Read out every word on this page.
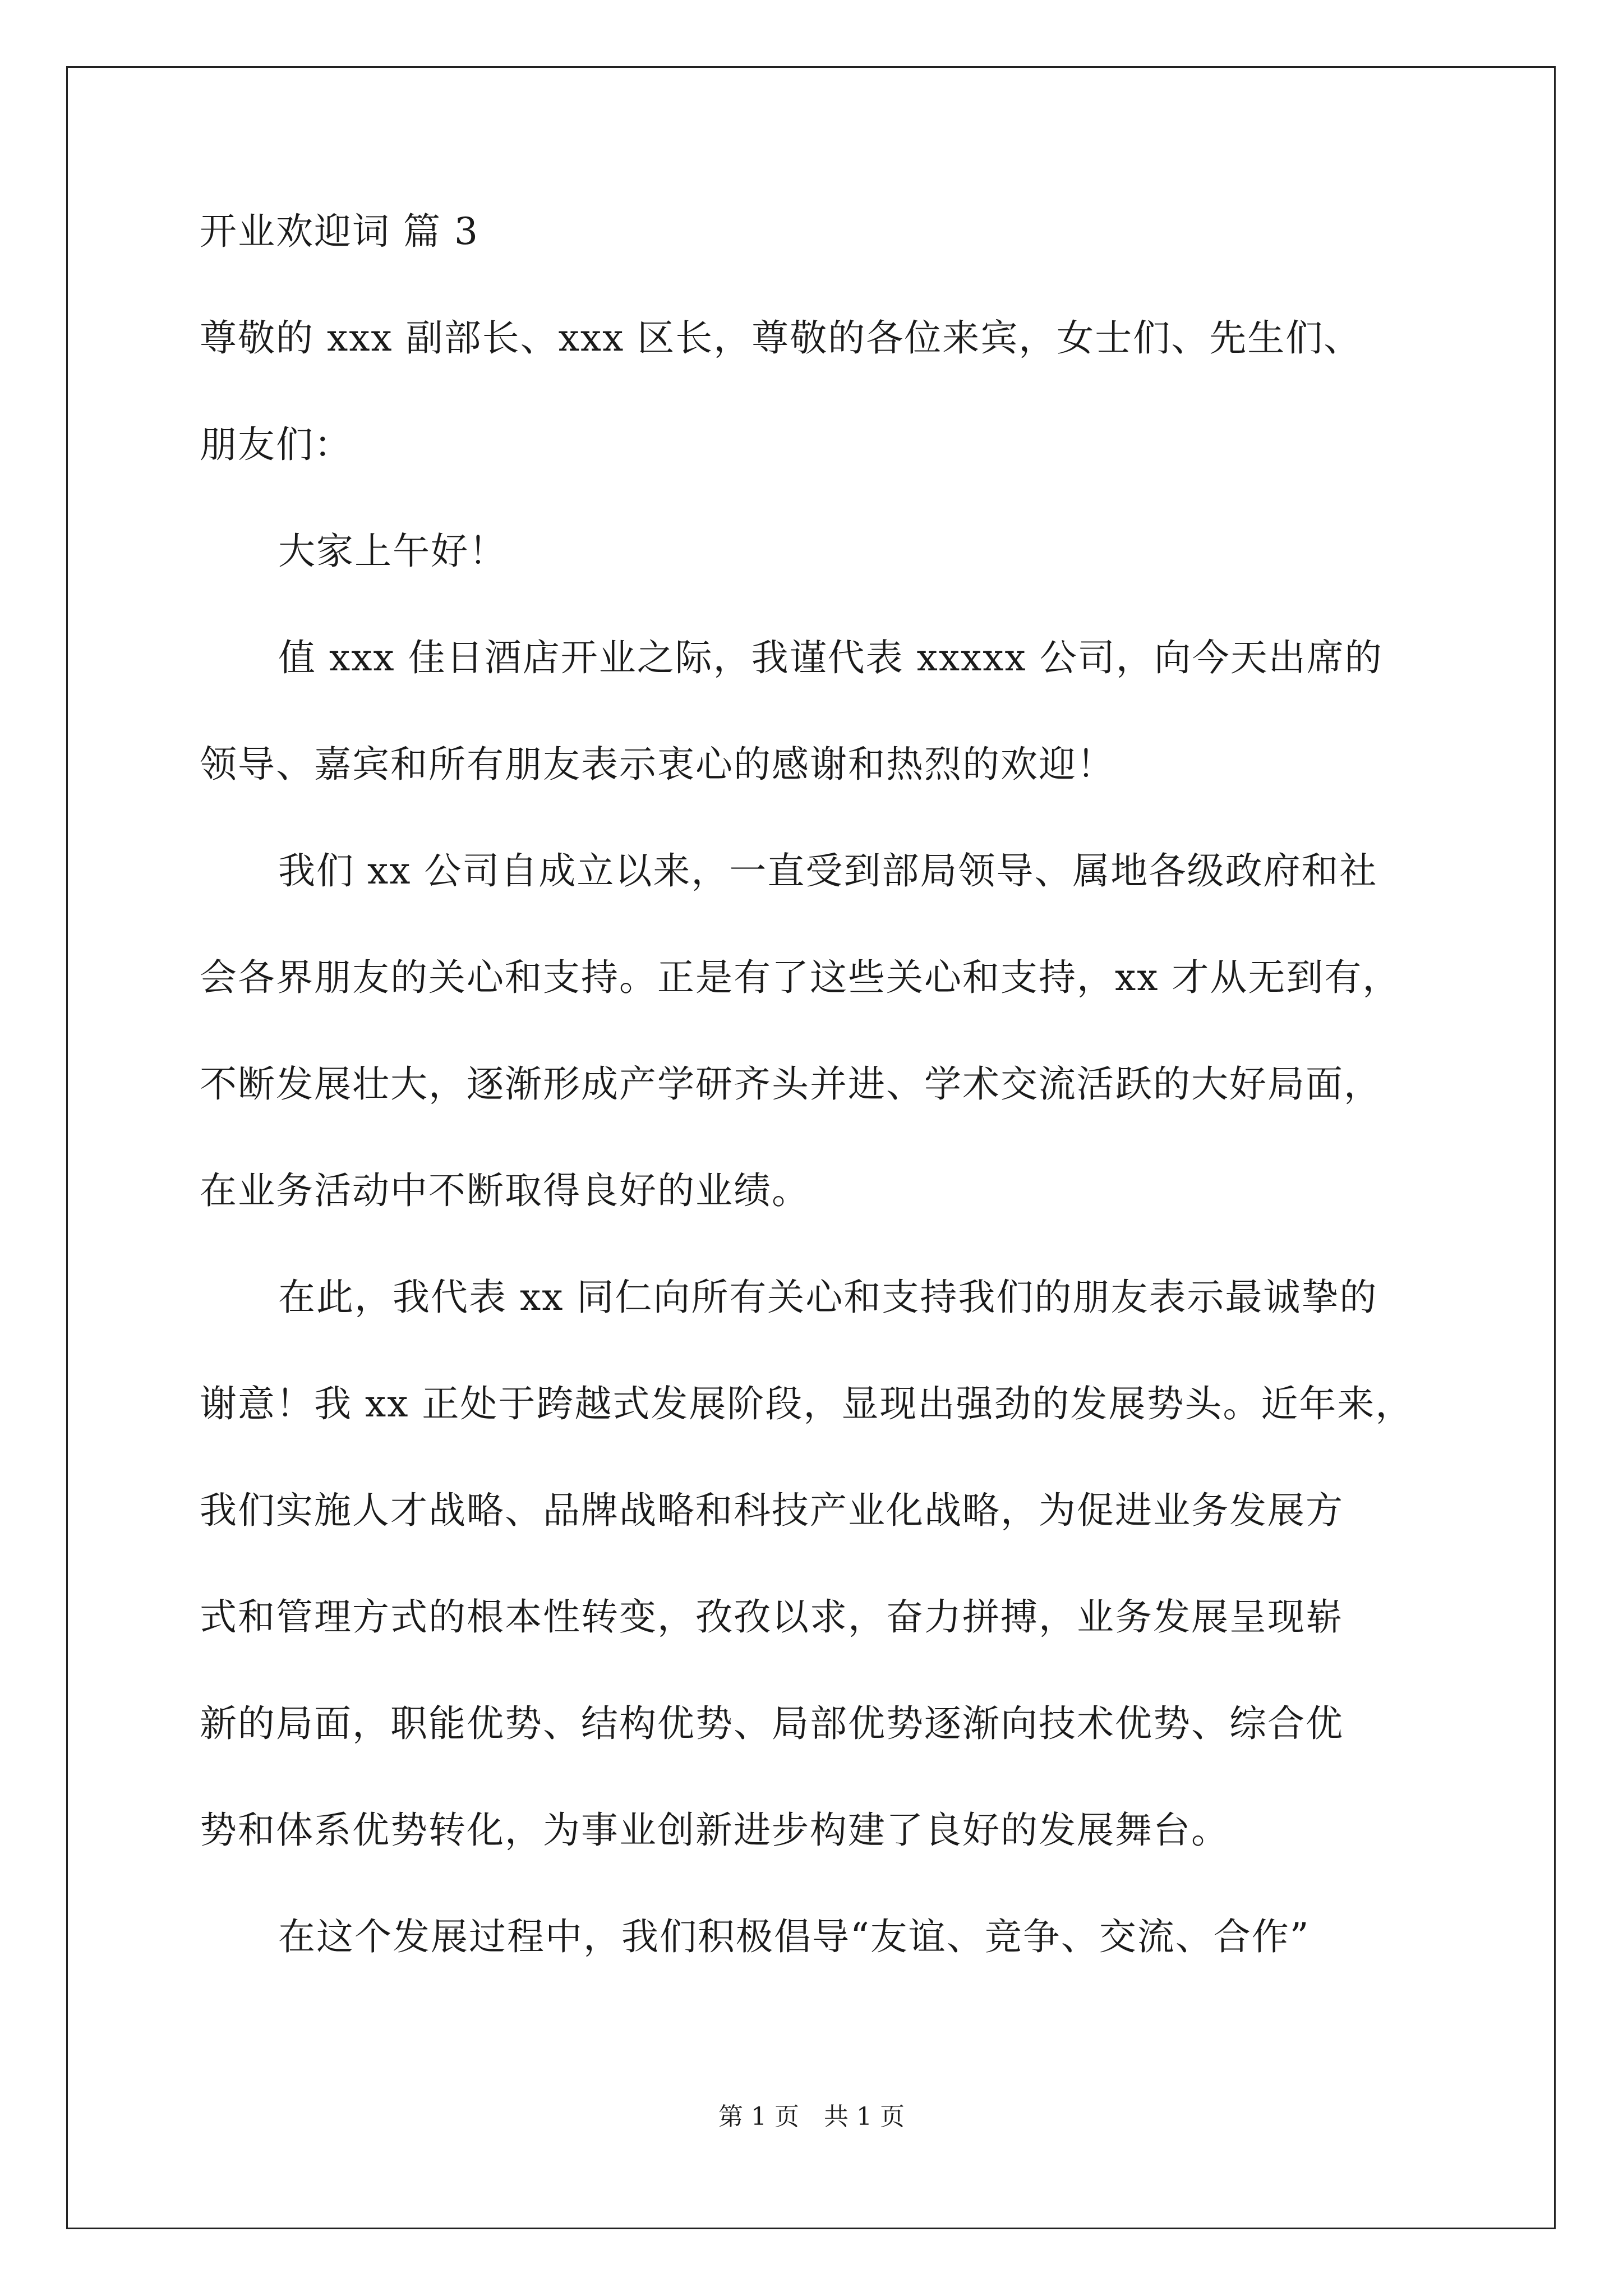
开业欢迎词 篇 3
尊敬的 xxx 副部长、xxx 区长，尊敬的各位来宾，女士们、先生们、
朋友们：
大家上午好！
值 xxx 佳日酒店开业之际，我谨代表 xxxxx 公司，向今天出席的
领导、嘉宾和所有朋友表示衷心的感谢和热烈的欢迎！
我们 xx 公司自成立以来，一直受到部局领导、属地各级政府和社
会各界朋友的关心和支持。正是有了这些关心和支持，xx 才从无到有，
不断发展壮大，逐渐形成产学研齐头并进、学术交流活跃的大好局面，
在业务活动中不断取得良好的业绩。
在此，我代表 xx 同仁向所有关心和支持我们的朋友表示最诚挚的
谢意！我 xx 正处于跨越式发展阶段，显现出强劲的发展势头。近年来，
我们实施人才战略、品牌战略和科技产业化战略，为促进业务发展方
式和管理方式的根本性转变，孜孜以求，奋力拼搏，业务发展呈现崭
新的局面，职能优势、结构优势、局部优势逐渐向技术优势、综合优
势和体系优势转化，为事业创新进步构建了良好的发展舞台。
在这个发展过程中，我们积极倡导“友谊、竞争、交流、合作”
第 1 页　共 1 页
